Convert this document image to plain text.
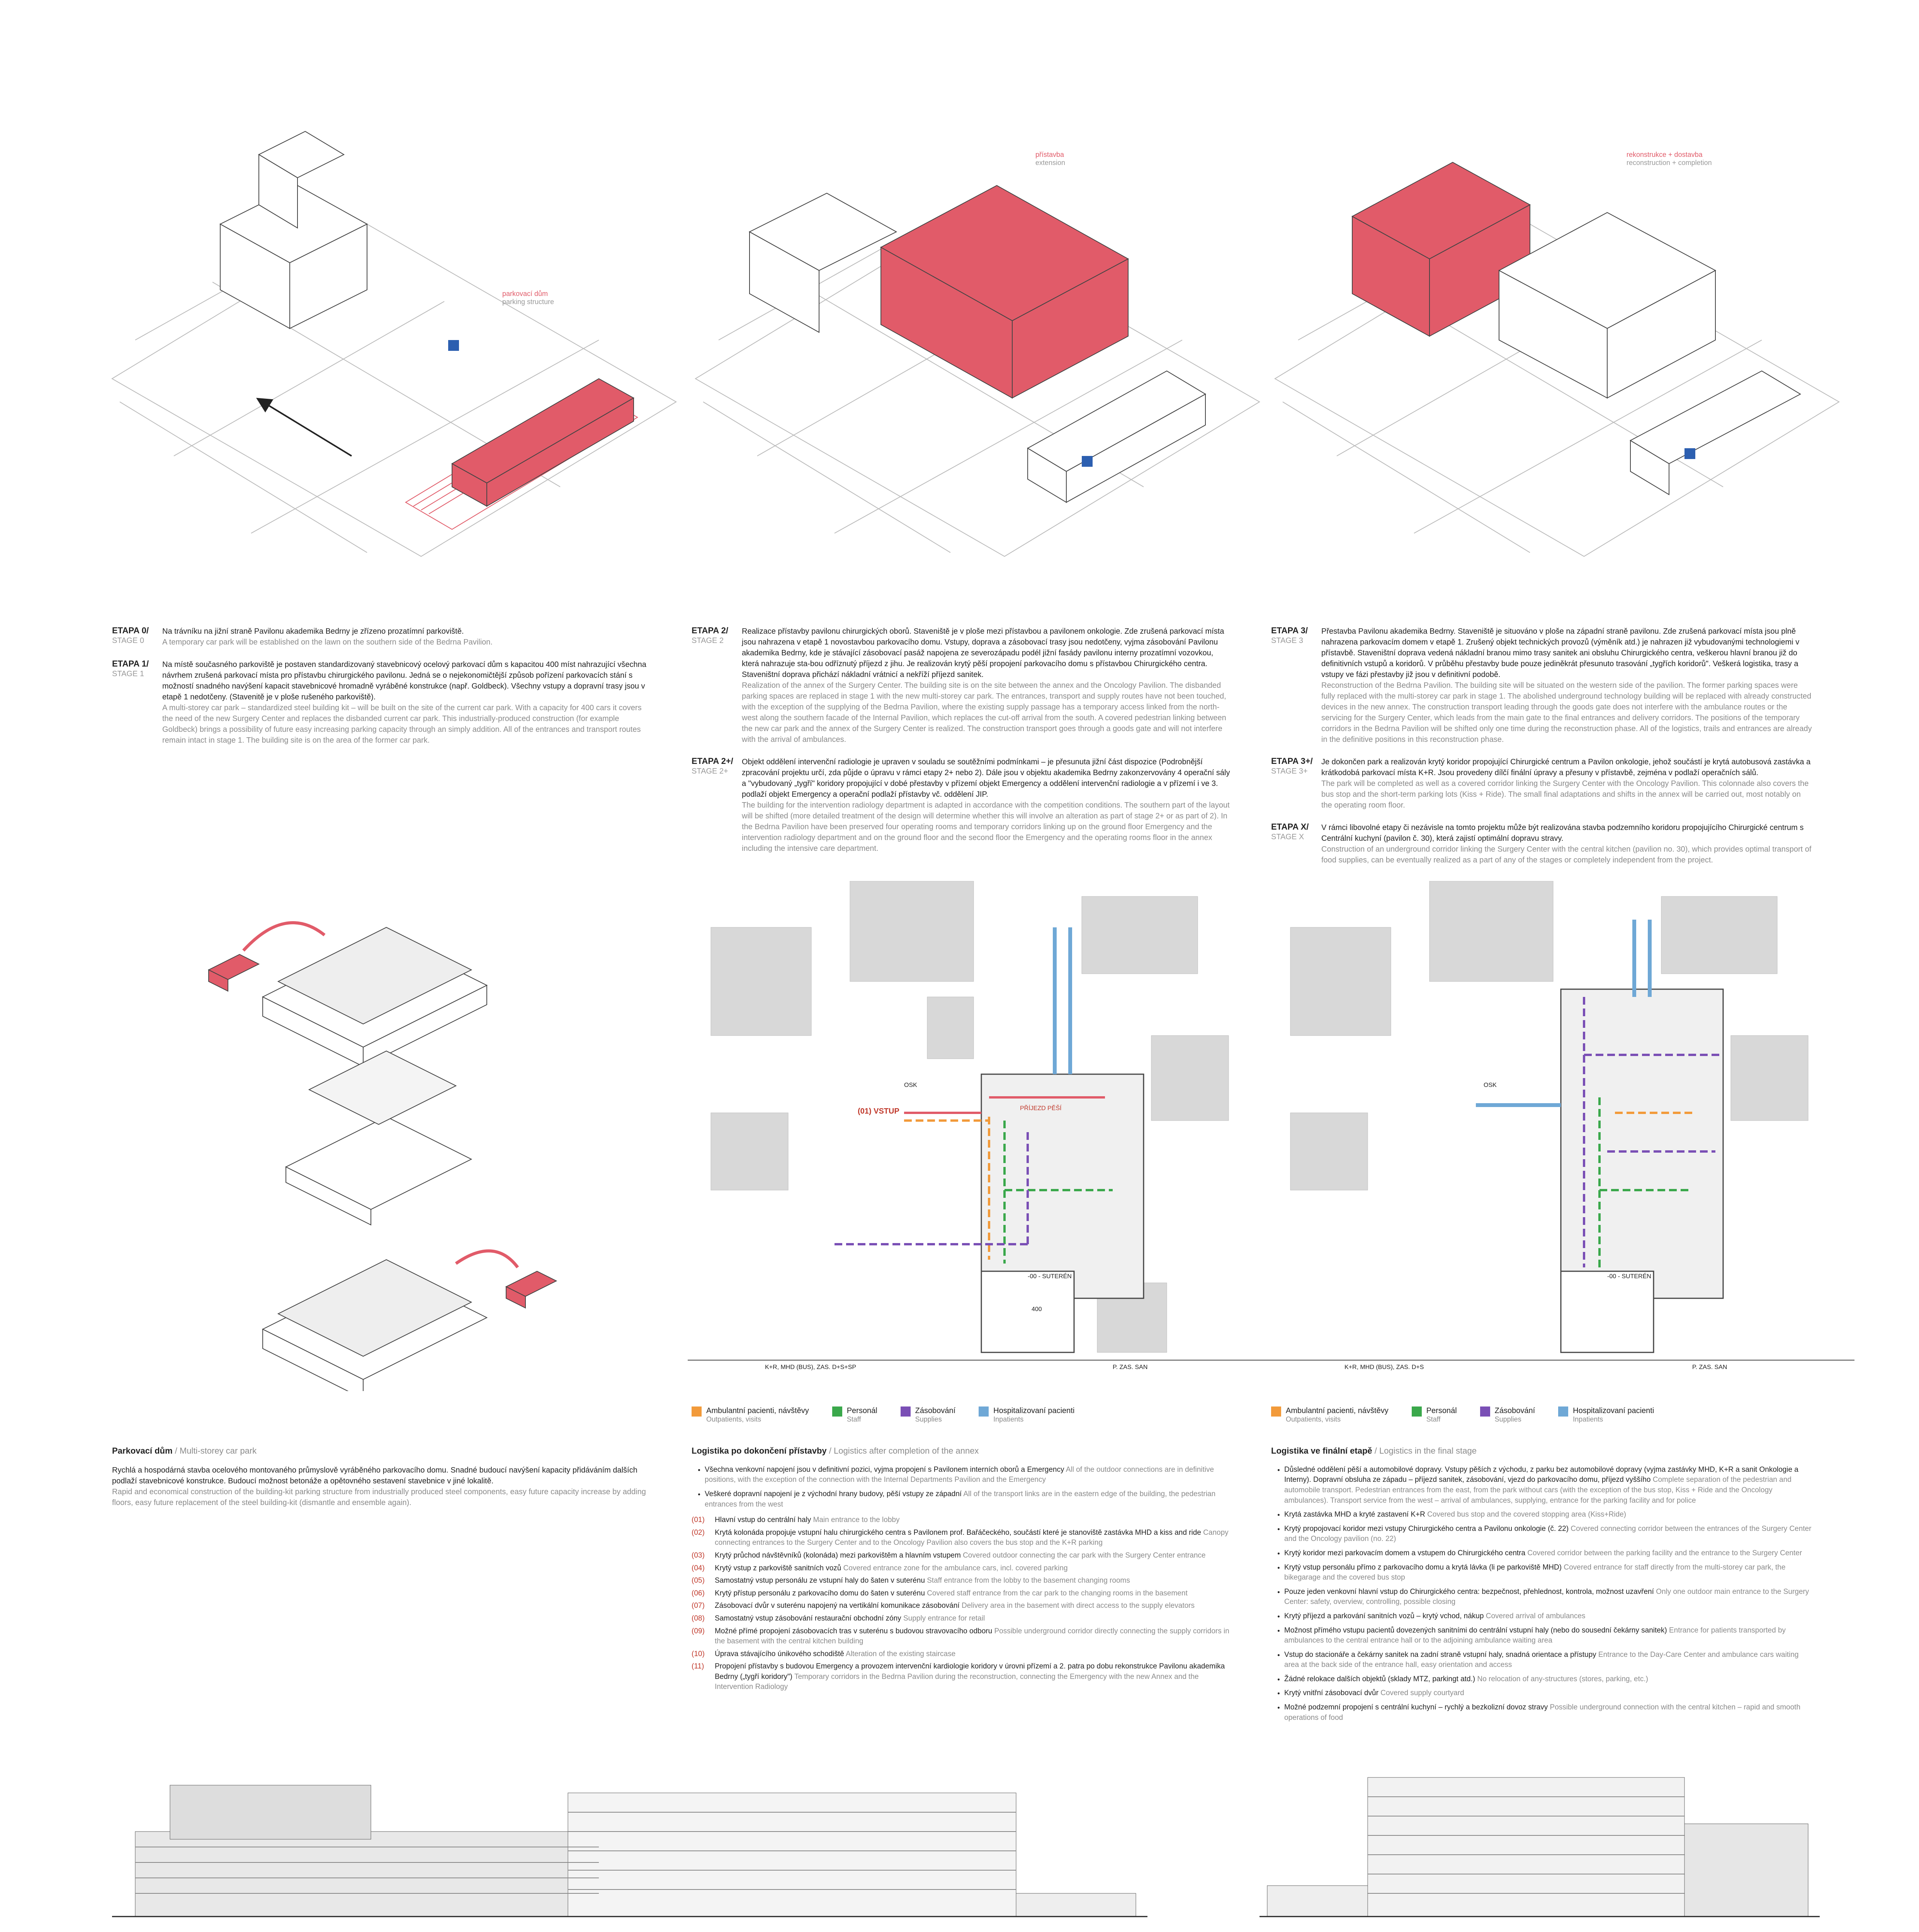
parkovací dům
parking structure
přístavba
extension
rekonstrukce + dostavba
reconstruction + completion
ETAPA 0/
STAGE 0
Na trávníku na jižní straně Pavilonu akademika Bedrny je zřízeno prozatímní parkoviště.
A temporary car park will be established on the lawn on the southern side of the Bedrna Pavilion.
ETAPA 1/
STAGE 1
Na místě současného parkoviště je postaven standardizovaný stavebnicový ocelový parkovací dům s kapacitou 400 míst nahrazující všechna návrhem zrušená parkovací místa pro přístavbu chirurgického pavilonu. Jedná se o nejekonomičtější způsob pořízení parkovacích stání s možností snadného navýšení kapacit stavebnicové hromadně vyráběné konstrukce (např. Goldbeck). Všechny vstupy a dopravní trasy jsou v etapě 1 nedotčeny. (Stavenitě je v ploše rušeného parkoviště).
A multi-storey car park – standardized steel building kit – will be built on the site of the current car park. With a capacity for 400 cars it covers the need of the new Surgery Center and replaces the disbanded current car park. This industrially-produced construction (for example Goldbeck) brings a possibility of future easy increasing parking capacity through an simply addition. All of the entrances and transport routes remain intact in stage 1. The building site is on the area of the former car park.
ETAPA 2/
STAGE 2
Realizace přístavby pavilonu chirurgických oborů. Staveniště je v ploše mezi přístavbou a pavilonem onkologie. Zde zrušená parkovací místa jsou nahrazena v etapě 1 novostavbou parkovacího domu. Vstupy, doprava a zásobovací trasy jsou nedotčeny, vyjma zásobování Pavilonu akademika Bedrny, kde je stávající zásobovací pasáž napojena ze severozápadu podél jižní fasády pavilonu interny prozatímní vozovkou, která nahrazuje sta-bou odříznutý příjezd z jihu. Je realizován krytý pěší propojení parkovacího domu s přístavbou Chirurgického centra. Staveništní doprava přichází nákladní vrátnicí a nekříží příjezd sanitek.
Realization of the annex of the Surgery Center. The building site is on the site between the annex and the Oncology Pavilion. The disbanded parking spaces are replaced in stage 1 with the new multi-storey car park. The entrances, transport and supply routes have not been touched, with the exception of the supplying of the Bedrna Pavilion, where the existing supply passage has a temporary access linked from the north-west along the southern facade of the Internal Pavilion, which replaces the cut-off arrival from the south. A covered pedestrian linking between the new car park and the annex of the Surgery Center is realized. The construction transport goes through a goods gate and will not interfere with the arrival of ambulances.
ETAPA 2+/
STAGE 2+
Objekt oddělení intervenční radiologie je upraven v souladu se soutěžními podmínkami – je přesunuta jižní část dispozice (Podrobnější zpracování projektu určí, zda půjde o úpravu v rámci etapy 2+ nebo 2). Dále jsou v objektu akademika Bedrny zakonzervovány 4 operační sály a "vybudovaný „tygří" koridory propojující v dobé přestavby v přízemí objekt Emergency a oddělení intervenční radiologie a v přízemí i ve 3. podlaží objekt Emergency a operační podlaží přístavby vč. oddělení JIP.
The building for the intervention radiology department is adapted in accordance with the competition conditions. The southern part of the layout will be shifted (more detailed treatment of the design will determine whether this will involve an alteration as part of stage 2+ or as part of 2). In the Bedrna Pavilion have been preserved four operating rooms and temporary corridors linking up on the ground floor Emergency and the intervention radiology department and on the ground floor and the second floor the Emergency and the operating rooms floor in the annex including the intensive care department.
ETAPA 3/
STAGE 3
Přestavba Pavilonu akademika Bedrny. Staveniště je situováno v ploše na západní straně pavilonu. Zde zrušená parkovací místa jsou plně nahrazena parkovacím domem v etapě 1. Zrušený objekt technických provozů (výměník atd.) je nahrazen již vybudovanými technologiemi v přístavbě. Staveništní doprava vedená nákladní branou mimo trasy sanitek ani obsluhu Chirurgického centra, veškerou hlavní branou již do definitivních vstupů a koridorů. V průběhu přestavby bude pouze jediněkrát přesunuto trasování „tygřích koridorů". Veškerá logistika, trasy a vstupy ve fázi přestavby již jsou v definitivní podobě.
Reconstruction of the Bedrna Pavilion. The building site will be situated on the western side of the pavilion. The former parking spaces were fully replaced with the multi-storey car park in stage 1. The abolished underground technology building will be replaced with already constructed devices in the new annex. The construction transport leading through the goods gate does not interfere with the ambulance routes or the servicing for the Surgery Center, which leads from the main gate to the final entrances and delivery corridors. The positions of the temporary corridors in the Bedrna Pavilion will be shifted only one time during the reconstruction phase. All of the logistics, trails and entrances are already in the definitive positions in this reconstruction phase.
ETAPA 3+/
STAGE 3+
Je dokončen park a realizován krytý koridor propojující Chirurgické centrum a Pavilon onkologie, jehož součástí je krytá autobusová zastávka a krátkodobá parkovací místa K+R. Jsou provedeny dílčí finální úpravy a přesuny v přístavbě, zejména v podlaží operačních sálů.
The park will be completed as well as a covered corridor linking the Surgery Center with the Oncology Pavilion. This colonnade also covers the bus stop and the short-term parking lots (Kiss + Ride). The small final adaptations and shifts in the annex will be carried out, most notably on the operating room floor.
ETAPA X/
STAGE X
V rámci libovolné etapy či nezávisle na tomto projektu může být realizována stavba podzemního koridoru propojujícího Chirurgické centrum s Centrální kuchyní (pavilon č. 30), která zajistí optimální dopravu stravy.
Construction of an underground corridor linking the Surgery Center with the central kitchen (pavilion no. 30), which provides optimal transport of food supplies, can be eventually realized as a part of any of the stages or completely independent from the project.
(01) VSTUP	PŘÍJEZD PĚŠÍ
-00 - SUTERÉN
K+R, MHD (BUS), ZAS. D+S+SP	P. ZAS. SAN
OSK
400
-00 - SUTERÉN
K+R, MHD (BUS), ZAS. D+S	P. ZAS. SAN
OSK
Ambulantní pacienti, návštěvy
Outpatients, visits
Personál
Staff
Zásobování
Supplies
Hospitalizovaní pacienti
Inpatients
Ambulantní pacienti, návštěvy
Outpatients, visits
Personál
Staff
Zásobování
Supplies
Hospitalizovaní pacienti
Inpatients
Parkovací dům / Multi-storey car park
Rychlá a hospodárná stavba ocelového montovaného průmyslově vyráběného parkovacího domu. Snadné budoucí navýšení kapacity přidáváním dalších podlaží stavebnicové konstrukce. Budoucí možnost betonáže a opětovného sestavení stavebnice v jiné lokalitě.
Rapid and economical construction of the building-kit parking structure from industrially produced steel components, easy future capacity increase by adding floors, easy future replacement of the steel building-kit (dismantle and ensemble again).
Logistika po dokončení přístavby / Logistics after completion of the annex
• Všechna venkovní napojení jsou v definitivní pozici, vyjma propojení s Pavilonem interních oborů a Emergency All of the outdoor connections are in definitive positions, with the exception of the connection with the Internal Departments Pavilion and the Emergency
• Veškeré dopravní napojení je z východní hrany budovy, pěší vstupy ze západní All of the transport links are in the eastern edge of the building, the pedestrian entrances from the west
(01)	Hlavní vstup do centrální haly Main entrance to the lobby
(02)	Krytá kolonáda propojuje vstupní halu chirurgického centra s Pavilonem prof. Bařáčeckého, součástí které je stanoviště zastávka MHD a kiss and ride Canopy connecting entrances to the Surgery Center and to the Oncology Pavilion also covers the bus stop and the K+R parking
(03)	Krytý průchod návštěvníků (kolonáda) mezi parkovištěm a hlavním vstupem Covered outdoor connecting the car park with the Surgery Center entrance
(04)	Krytý vstup z parkoviště sanitních vozů Covered entrance zone for the ambulance cars, incl. covered parking
(05)	Samostatný vstup personálu ze vstupní haly do šaten v suterénu Staff entrance from the lobby to the basement changing rooms
(06)	Krytý přístup personálu z parkovacího domu do šaten v suterénu Covered staff entrance from the car park to the changing rooms in the basement
(07)	Zásobovací dvůr v suterénu napojený na vertikální komunikace zásobování Delivery area in the basement with direct access to the supply elevators
(08)	Samostatný vstup zásobování restaurační obchodní zóny Supply entrance for retail
(09)	Možné přímé propojení zásobovacích tras v suterénu s budovou stravovacího odboru Possible underground corridor directly connecting the supply corridors in the basement with the central kitchen building
(10)	Úprava stávajícího únikového schodiště Alteration of the existing staircase
(11)	Propojení přístavby s budovou Emergency a provozem intervenční kardiologie koridory v úrovni přízemí a 2. patra po dobu rekonstrukce Pavilonu akademika Bedrny („tygří koridory") Temporary corridors in the Bedrna Pavilion during the reconstruction, connecting the Emergency with the new Annex and the Intervention Radiology
Logistika ve finální etapě / Logistics in the final stage
• Důsledné oddělení pěší a automobilové dopravy. Vstupy pěších z východu, z parku bez automobilové dopravy (vyjma zastávky MHD, K+R a sanit Onkologie a Interny). Dopravní obsluha ze západu – příjezd sanitek, zásobování, vjezd do parkovacího domu, příjezd vyššího Complete separation of the pedestrian and automobile transport. Pedestrian entrances from the east, from the park without cars (with the exception of the bus stop, Kiss + Ride and the Oncology ambulances). Transport service from the west – arrival of ambulances, supplying, entrance for the parking facility and for police
• Krytá zastávka MHD a kryté zastavení K+R Covered bus stop and the covered stopping area (Kiss+Ride)
• Krytý propojovací koridor mezi vstupy Chirurgického centra a Pavilonu onkologie (č. 22) Covered connecting corridor between the entrances of the Surgery Center and the Oncology pavilion (no. 22)
• Krytý koridor mezi parkovacím domem a vstupem do Chirurgického centra Covered corridor between the parking facility and the entrance to the Surgery Center
• Krytý vstup personálu přímo z parkovacího domu a krytá lávka (li pe parkoviště MHD) Covered entrance for staff directly from the multi-storey car park, the bikegarage and the covered bus stop
• Pouze jeden venkovní hlavní vstup do Chirurgického centra: bezpečnost, přehlednost, kontrola, možnost uzavření Only one outdoor main entrance to the Surgery Center: safety, overview, controlling, possible closing
• Krytý příjezd a parkování sanitních vozů – krytý vchod, nákup Covered arrival of ambulances
• Možnost přímého vstupu pacientů dovezených sanitními do centrální vstupní haly (nebo do sousední čekárny sanitek) Entrance for patients transported by ambulances to the central entrance hall or to the adjoining ambulance waiting area
• Vstup do stacionáře a čekárny sanitek na zadní straně vstupní haly, snadná orientace a přístupy Entrance to the Day-Care Center and ambulance cars waiting area at the back side of the entrance hall, easy orientation and access
• Žádné relokace dalších objektů (sklady MTZ, parkingt atd.) No relocation of any-structures (stores, parking, etc.)
• Krytý vnitřní zásobovací dvůr Covered supply courtyard
• Možné podzemní propojení s centrální kuchyní – rychlý a bezkolizní dovoz stravy Possible underground connection with the central kitchen – rapid and smooth operations of food
